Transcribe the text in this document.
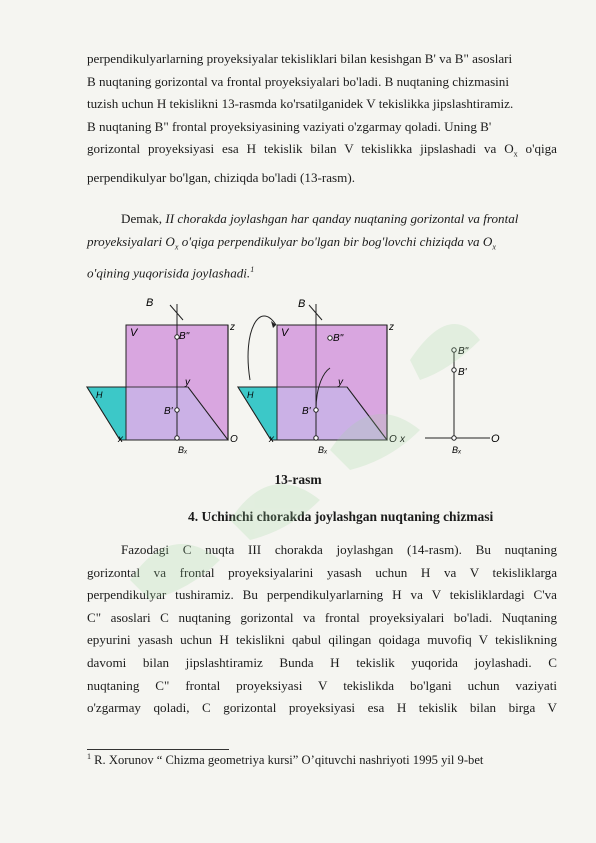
perpendikulyarlarning proyeksiyalar tekisliklari bilan kesishgan B' va B" asoslari
B nuqtaning gorizontal va frontal proyeksiyalari bo'ladi. B nuqtaning chizmasini
tuzish uchun H tekislikni 13-rasmda ko'rsatilganidek V tekislikka jipslashtiramiz.
B nuqtaning B" frontal proyeksiyasining vaziyati o'zgarmay qoladi. Uning B'
gorizontal proyeksiyasi esa H tekislik bilan V tekislikka jipslashadi va $O_x$ o'qiga
perpendikulyar bo'lgan, chiziqda bo'ladi (13-rasm).
Demak, II chorakda joylashgan har qanday nuqtaning gorizontal va frontal
proyeksiyalari $O_x$ o'qiga perpendikulyar bo'lgan bir bog'lovchi chiziqda va $O_x$
o'qining yuqorisida joylashadi.$^1$
B
B"
B'
Bₓ
V
H
x
y
z
O
B
B"
B'
Bₓ
V
H
x
y
z
O x
B"
B'
Bₓ
O
13-rasm
4. Uchinchi chorakda joylashgan nuqtaning chizmasi
Fazodagi C nuqta III chorakda joylashgan (14-rasm). Bu nuqtaning
gorizontal va frontal proyeksiyalarini yasash uchun H va V tekisliklarga
perpendikulyar tushiramiz. Bu perpendikulyarlarning H va V tekisliklardagi C'va
C" asoslari C nuqtaning gorizontal va frontal proyeksiyalari bo'ladi. Nuqtaning
epyurini yasash uchun H tekislikni qabul qilingan qoidaga muvofiq V tekislikning
davomi bilan jipslashtiramiz Bunda H tekislik yuqorida joylashadi. C
nuqtaning C" frontal proyeksiyasi V tekislikda bo'lgani uchun vaziyati
o'zgarmay qoladi, C gorizontal proyeksiyasi esa H tekislik bilan birga V
$^1$ R. Xorunov “ Chizma geometriya kursi” O’qituvchi nashriyoti 1995 yil 9-bet
